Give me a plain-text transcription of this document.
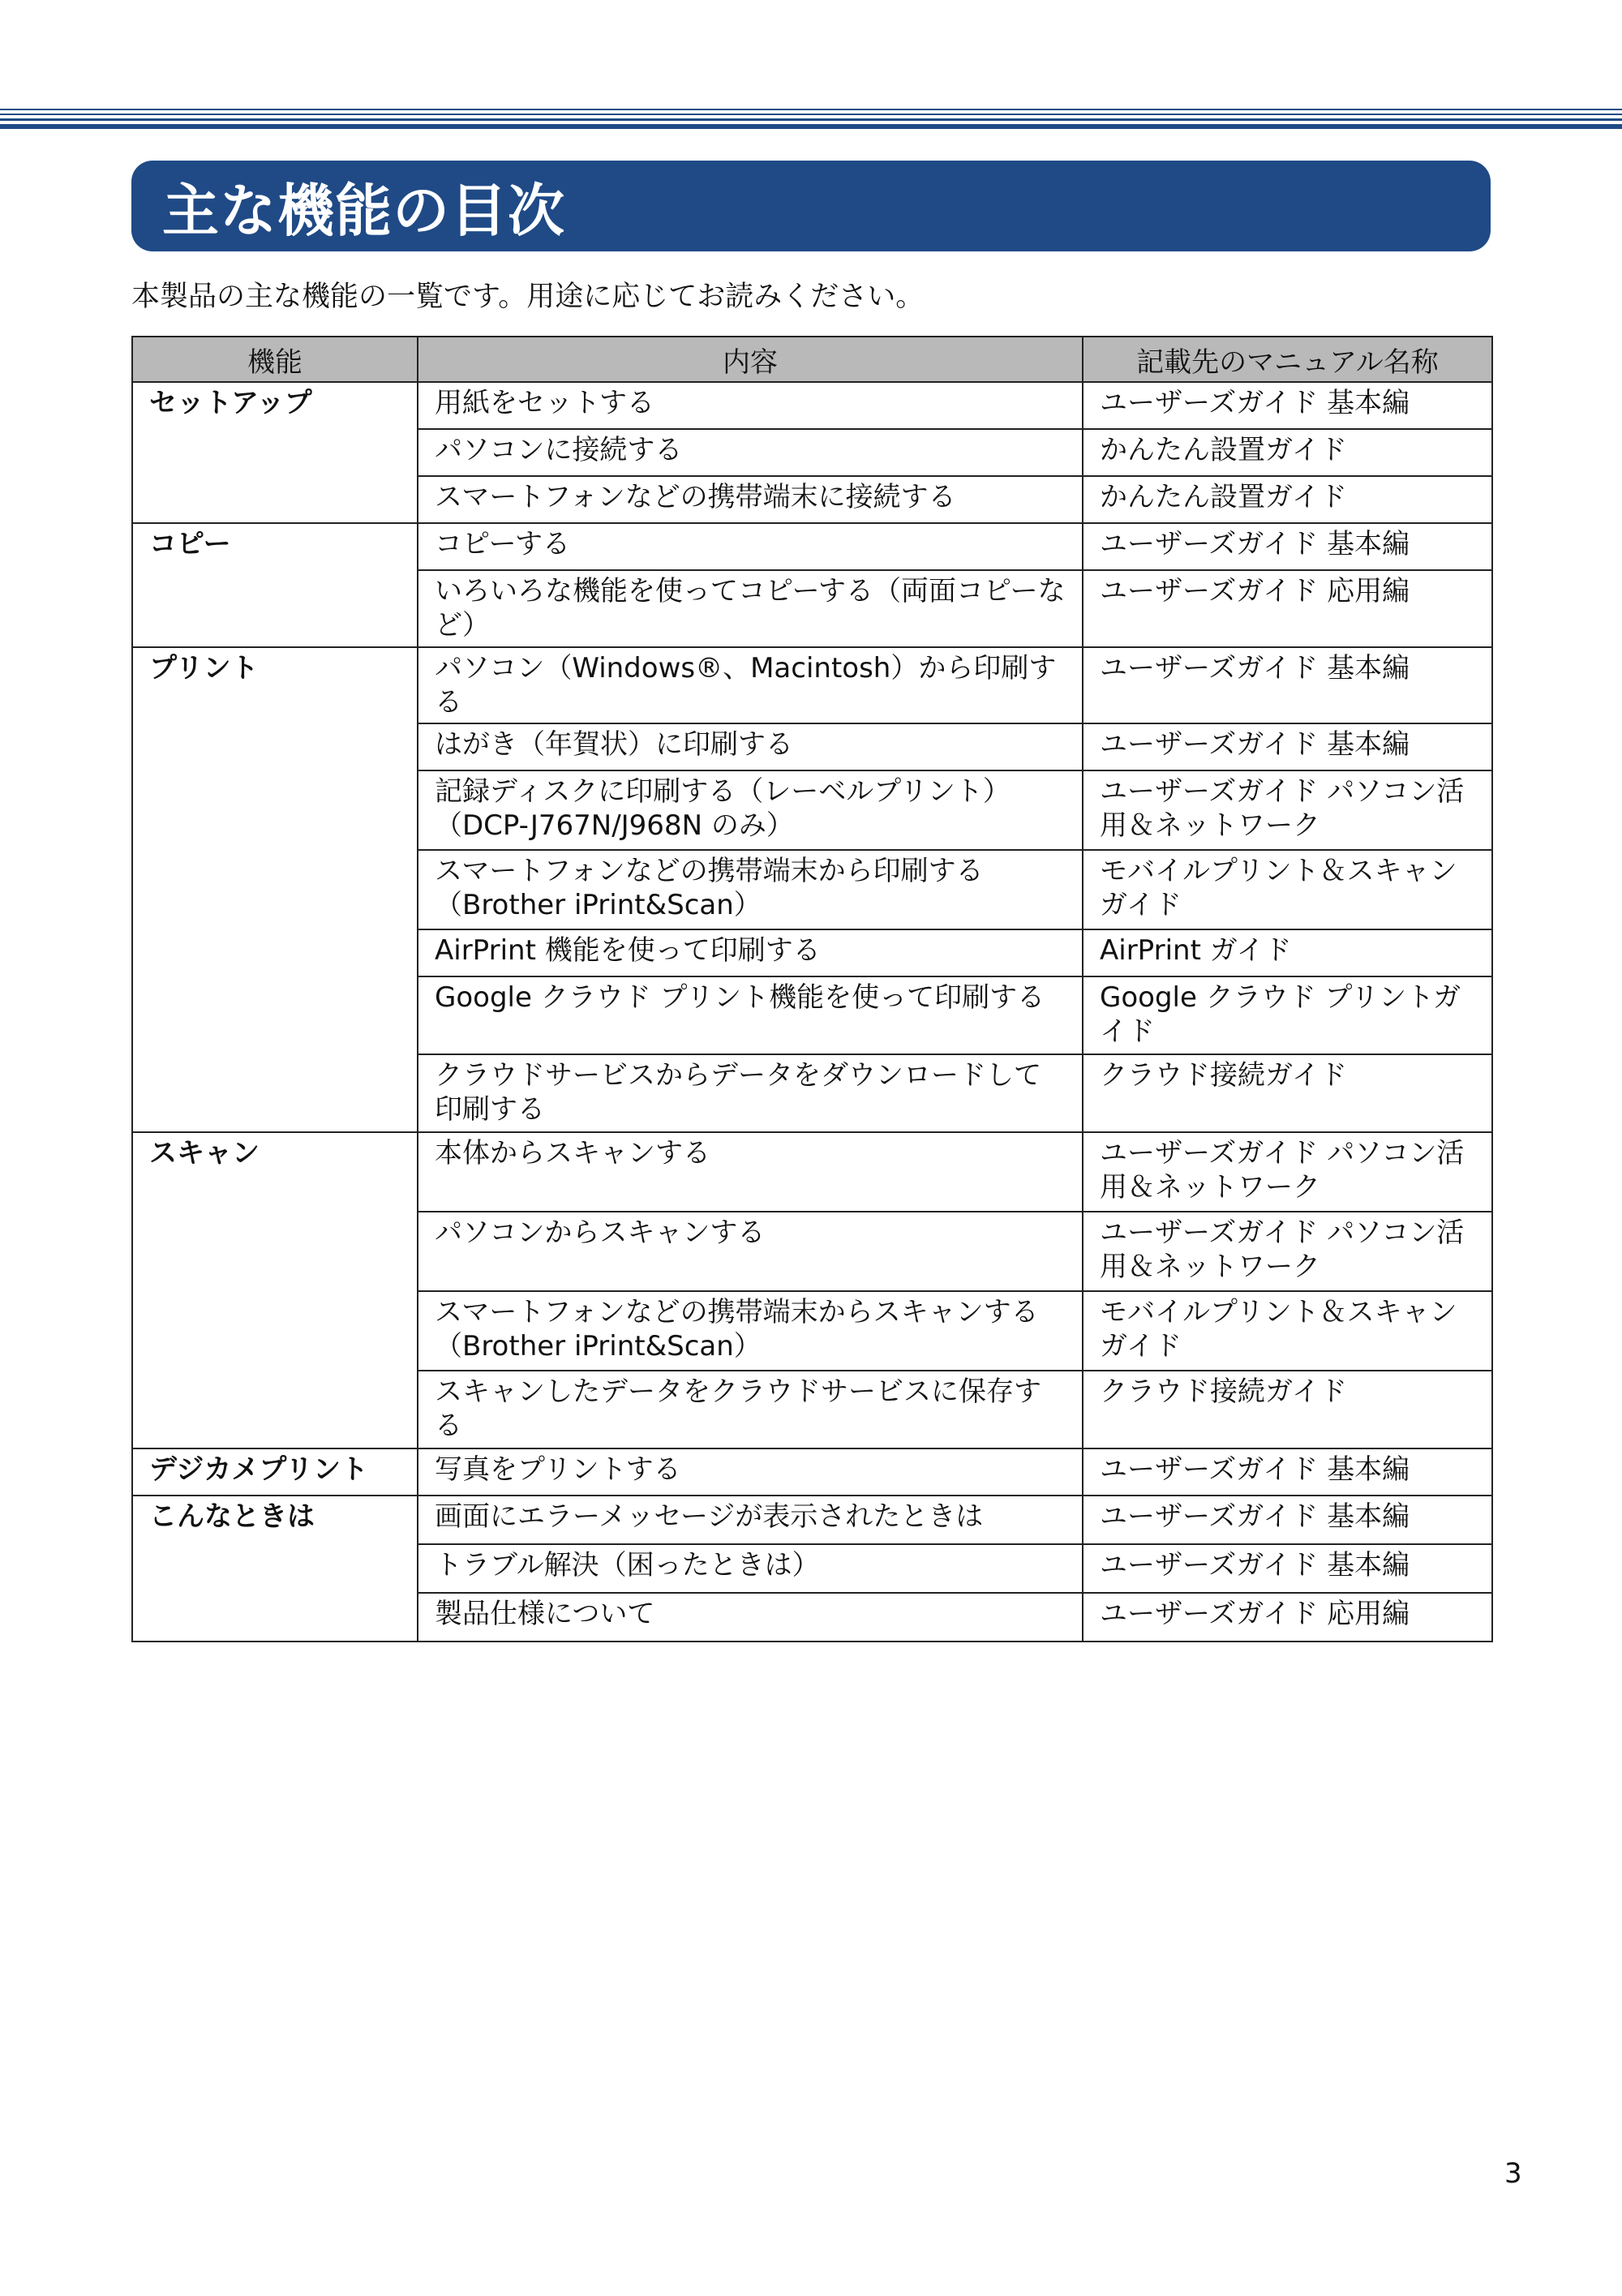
主な機能の目次
本製品の主な機能の一覧です。用途に応じてお読みください。
機能	内容	記載先のマニュアル名称
セットアップ	用紙をセットする	ユーザーズガイド 基本編
	パソコンに接続する	かんたん設置ガイド
	スマートフォンなどの携帯端末に接続する	かんたん設置ガイド
コピー	コピーする	ユーザーズガイド 基本編
	いろいろな機能を使ってコピーする（両面コピーなど）	ユーザーズガイド 応用編
プリント	パソコン（Windows®、Macintosh）から印刷する	ユーザーズガイド 基本編
	はがき（年賀状）に印刷する	ユーザーズガイド 基本編
	記録ディスクに印刷する（レーベルプリント）（DCP-J767N/J968N のみ）	ユーザーズガイド パソコン活用＆ネットワーク
	スマートフォンなどの携帯端末から印刷する（Brother iPrint&Scan）	モバイルプリント＆スキャンガイド
	AirPrint 機能を使って印刷する	AirPrint ガイド
	Google クラウド プリント機能を使って印刷する	Google クラウド プリントガイド
	クラウドサービスからデータをダウンロードして印刷する	クラウド接続ガイド
スキャン	本体からスキャンする	ユーザーズガイド パソコン活用＆ネットワーク
	パソコンからスキャンする	ユーザーズガイド パソコン活用＆ネットワーク
	スマートフォンなどの携帯端末からスキャンする（Brother iPrint&Scan）	モバイルプリント＆スキャンガイド
	スキャンしたデータをクラウドサービスに保存する	クラウド接続ガイド
デジカメプリント	写真をプリントする	ユーザーズガイド 基本編
こんなときは	画面にエラーメッセージが表示されたときは	ユーザーズガイド 基本編
	トラブル解決（困ったときは）	ユーザーズガイド 基本編
	製品仕様について	ユーザーズガイド 応用編
3
